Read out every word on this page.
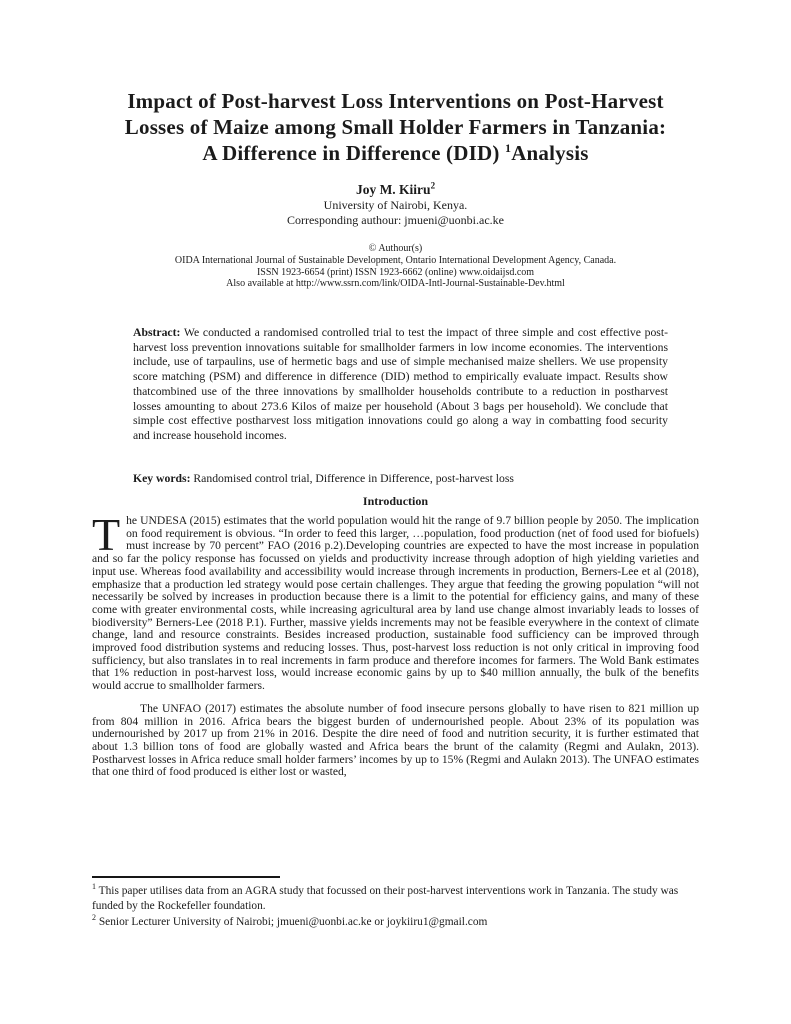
Impact of Post-harvest Loss Interventions on Post-Harvest
Losses of Maize among Small Holder Farmers in Tanzania:
A Difference in Difference (DID) $^1$Analysis
Joy M. Kiiru$^2$
University of Nairobi, Kenya.
Corresponding authour: jmueni@uonbi.ac.ke
© Authour(s)
OIDA International Journal of Sustainable Development, Ontario International Development Agency, Canada.
ISSN 1923-6654 (print) ISSN 1923-6662 (online) www.oidaijsd.com
Also available at http://www.ssrn.com/link/OIDA-Intl-Journal-Sustainable-Dev.html
Abstract: We conducted a randomised controlled trial to test the impact of three simple and cost effective post-harvest loss prevention innovations suitable for smallholder farmers in low income economies. The interventions include, use of tarpaulins, use of hermetic bags and use of simple mechanised maize shellers. We use propensity score matching (PSM) and difference in difference (DID) method to empirically evaluate impact. Results show thatcombined use of the three innovations by smallholder households contribute to a reduction in postharvest losses amounting to about 273.6 Kilos of maize per household (About 3 bags per household). We conclude that simple cost effective postharvest loss mitigation innovations could go along a way in combatting food security and increase household incomes.
Key words: Randomised control trial, Difference in Difference, post-harvest loss
Introduction

The UNDESA (2015) estimates that the world population would hit the range of 9.7 billion people by 2050. The implication on food requirement is obvious. “In order to feed this larger, …population, food production (net of food used for biofuels) must increase by 70 percent” FAO (2016 p.2).Developing countries are expected to have the most increase in population and so far the policy response has focussed on yields and productivity increase through adoption of high yielding varieties and input use. Whereas food availability and accessibility would increase through increments in production, Berners-Lee et al (2018), emphasize that a production led strategy would pose certain challenges. They argue that feeding the growing population “will not necessarily be solved by increases in production because there is a limit to the potential for efficiency gains, and many of these come with greater environmental costs, while increasing agricultural area by land use change almost invariably leads to losses of biodiversity” Berners-Lee (2018 P.1). Further, massive yields increments may not be feasible everywhere in the context of climate change, land and resource constraints. Besides increased production, sustainable food sufficiency can be improved through improved food distribution systems and reducing losses. Thus, post-harvest loss reduction is not only critical in improving food sufficiency, but also translates in to real increments in farm produce and therefore incomes for farmers. The Wold Bank estimates that 1% reduction in post-harvest loss, would increase economic gains by up to $40 million annually, the bulk of the benefits would accrue to smallholder farmers.

The UNFAO (2017) estimates the absolute number of food insecure persons globally to have risen to 821 million up from 804 million in 2016. Africa bears the biggest burden of undernourished people. About 23% of its population was undernourished by 2017 up from 21% in 2016. Despite the dire need of food and nutrition security, it is further estimated that about 1.3 billion tons of food are globally wasted and Africa bears the brunt of the calamity (Regmi and Aulakn, 2013). Postharvest losses in Africa reduce small holder farmers’ incomes by up to 15% (Regmi and Aulakn 2013). The UNFAO estimates that one third of food produced is either lost or wasted,

$^1$ This paper utilises data from an AGRA study that focussed on their post-harvest interventions work in Tanzania. The study was funded by the Rockefeller foundation.

$^2$ Senior Lecturer University of Nairobi; jmueni@uonbi.ac.ke or joykiiru1@gmail.com
